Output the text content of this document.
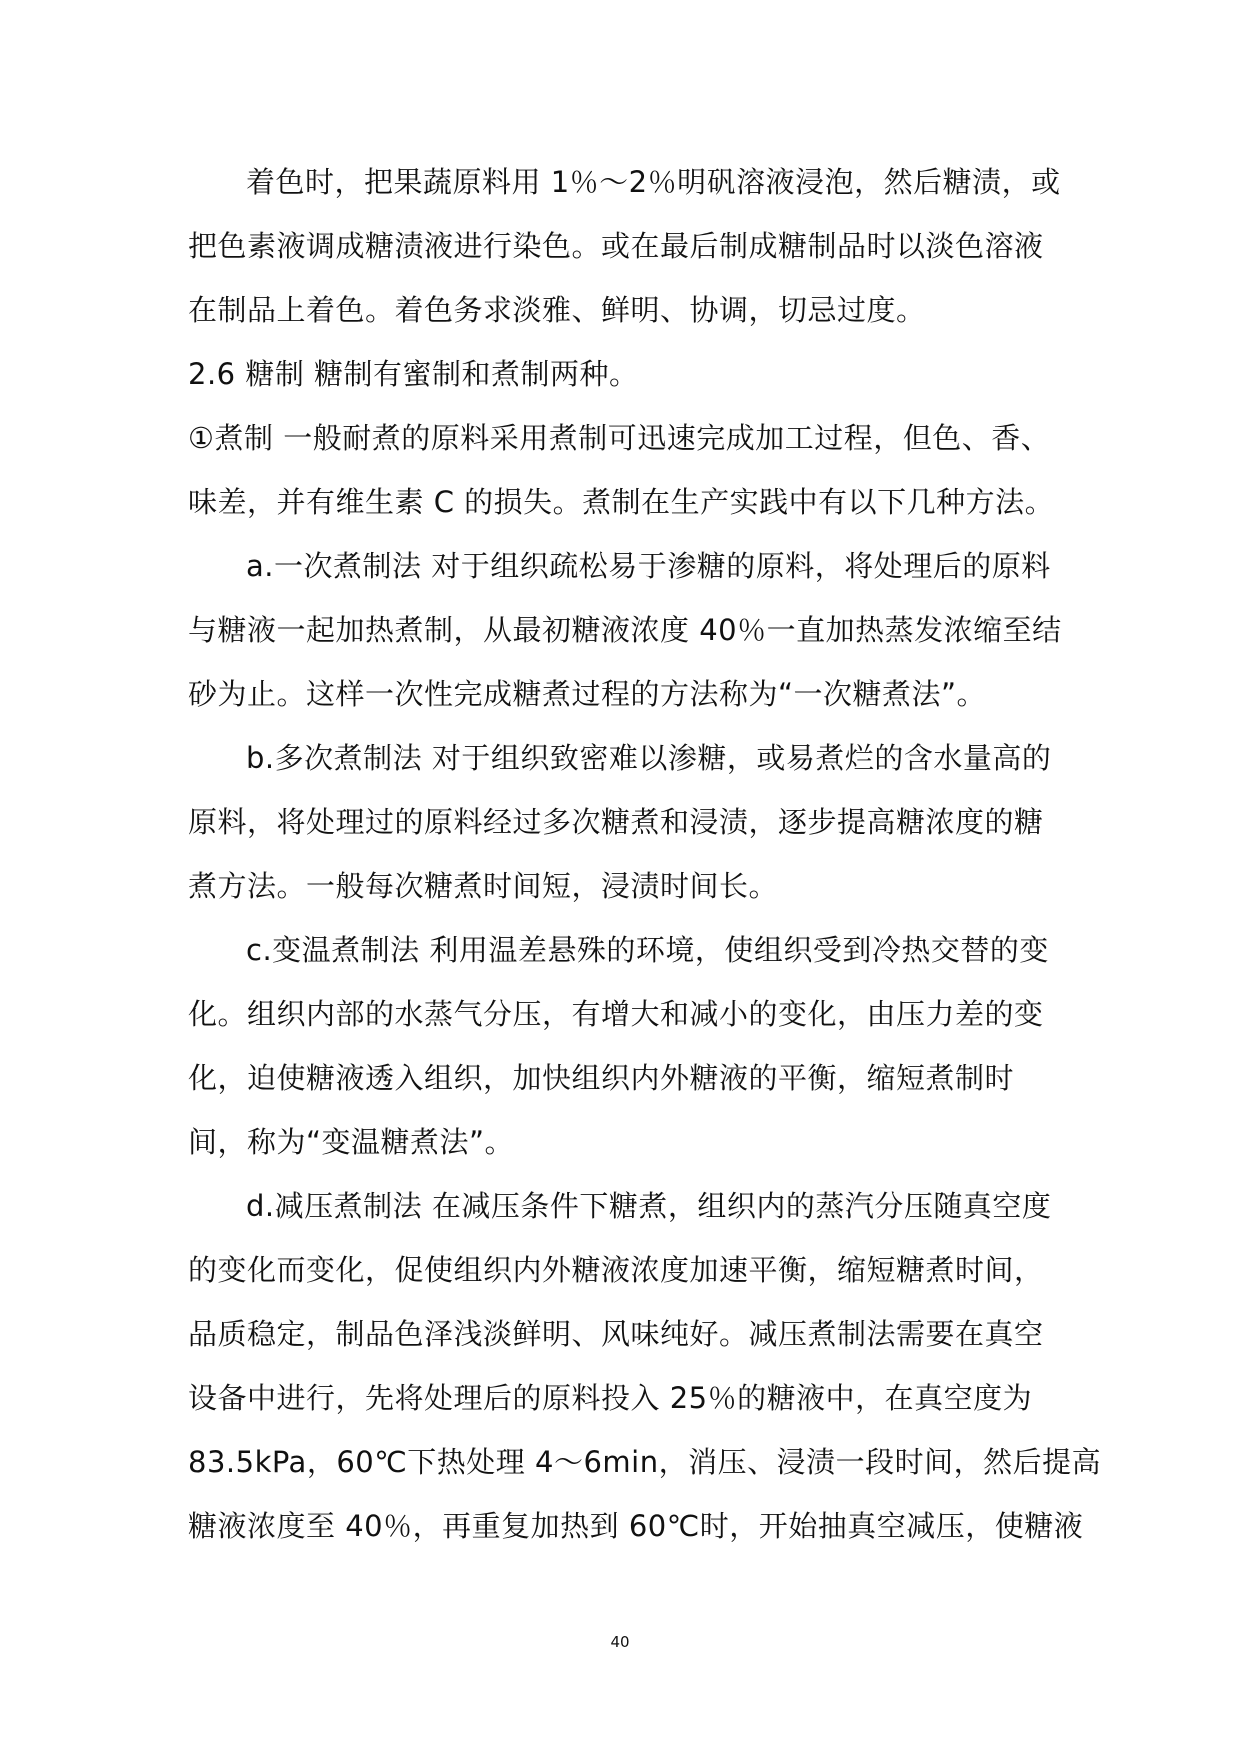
着色时，把果蔬原料用 1％～2％明矾溶液浸泡，然后糖渍，或
把色素液调成糖渍液进行染色。或在最后制成糖制品时以淡色溶液
在制品上着色。着色务求淡雅、鲜明、协调，切忌过度。
2.6 糖制 糖制有蜜制和煮制两种。
①煮制 一般耐煮的原料采用煮制可迅速完成加工过程，但色、香、
味差，并有维生素 C 的损失。煮制在生产实践中有以下几种方法。
a.一次煮制法 对于组织疏松易于渗糖的原料，将处理后的原料
与糖液一起加热煮制，从最初糖液浓度 40％一直加热蒸发浓缩至结
砂为止。这样一次性完成糖煮过程的方法称为“一次糖煮法”。
b.多次煮制法 对于组织致密难以渗糖，或易煮烂的含水量高的
原料，将处理过的原料经过多次糖煮和浸渍，逐步提高糖浓度的糖
煮方法。一般每次糖煮时间短，浸渍时间长。
c.变温煮制法 利用温差悬殊的环境，使组织受到冷热交替的变
化。组织内部的水蒸气分压，有增大和减小的变化，由压力差的变
化，迫使糖液透入组织，加快组织内外糖液的平衡，缩短煮制时
间，称为“变温糖煮法”。
d.减压煮制法 在减压条件下糖煮，组织内的蒸汽分压随真空度
的变化而变化，促使组织内外糖液浓度加速平衡，缩短糖煮时间，
品质稳定，制品色泽浅淡鲜明、风味纯好。减压煮制法需要在真空
设备中进行，先将处理后的原料投入 25％的糖液中，在真空度为
83.5kPa，60℃下热处理 4～6min，消压、浸渍一段时间，然后提高
糖液浓度至 40％，再重复加热到 60℃时，开始抽真空减压，使糖液
40
